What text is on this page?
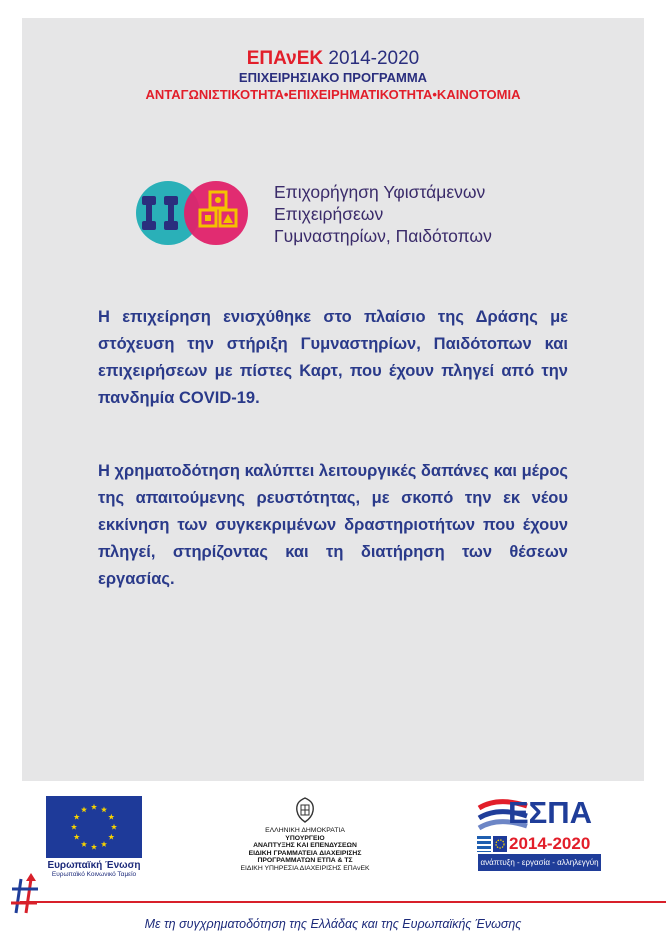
ΕΠΑνΕΚ 2014-2020
ΕΠΙΧΕΙΡΗΣΙΑΚΟ ΠΡΟΓΡΑΜΜΑ
ΑΝΤΑΓΩΝΙΣΤΙΚΟΤΗΤΑ•ΕΠΙΧΕΙΡΗΜΑΤΙΚΟΤΗΤΑ•ΚΑΙΝΟΤΟΜΙΑ
Επιχορήγηση Υφιστάμενων
Επιχειρήσεων
Γυμναστηρίων, Παιδότοπων
Η επιχείρηση ενισχύθηκε στο πλαίσιο της Δράσης με στόχευση την στήριξη Γυμναστηρίων, Παιδότοπων και επιχειρήσεων με πίστες Καρτ, που έχουν πληγεί από την πανδημία COVID-19.
Η χρηματοδότηση καλύπτει λειτουργικές δαπάνες και μέρος της απαιτούμενης ρευστότητας, με σκοπό την εκ νέου εκκίνηση των συγκεκριμένων δραστηριοτήτων που έχουν πληγεί, στηρίζοντας και τη διατήρηση των θέσεων εργασίας.
Ευρωπαϊκή Ένωση
Ευρωπαϊκό Κοινωνικό Ταμείο
ΕΛΛΗΝΙΚΗ ΔΗΜΟΚΡΑΤΙΑ
ΥΠΟΥΡΓΕΙΟ
ΑΝΑΠΤΥΞΗΣ ΚΑΙ ΕΠΕΝΔΥΣΕΩΝ
ΕΙΔΙΚΗ ΓΡΑΜΜΑΤΕΙΑ ΔΙΑΧΕΙΡΙΣΗΣ
ΠΡΟΓΡΑΜΜΑΤΩΝ ΕΤΠΑ & ΤΣ
ΕΙΔΙΚΗ ΥΠΗΡΕΣΙΑ ΔΙΑΧΕΙΡΙΣΗΣ ΕΠΑνΕΚ
ΕΣΠΑ
2014-2020
ανάπτυξη - εργασία - αλληλεγγύη
Με τη συγχρηματοδότηση της Ελλάδας και της Ευρωπαϊκής Ένωσης
